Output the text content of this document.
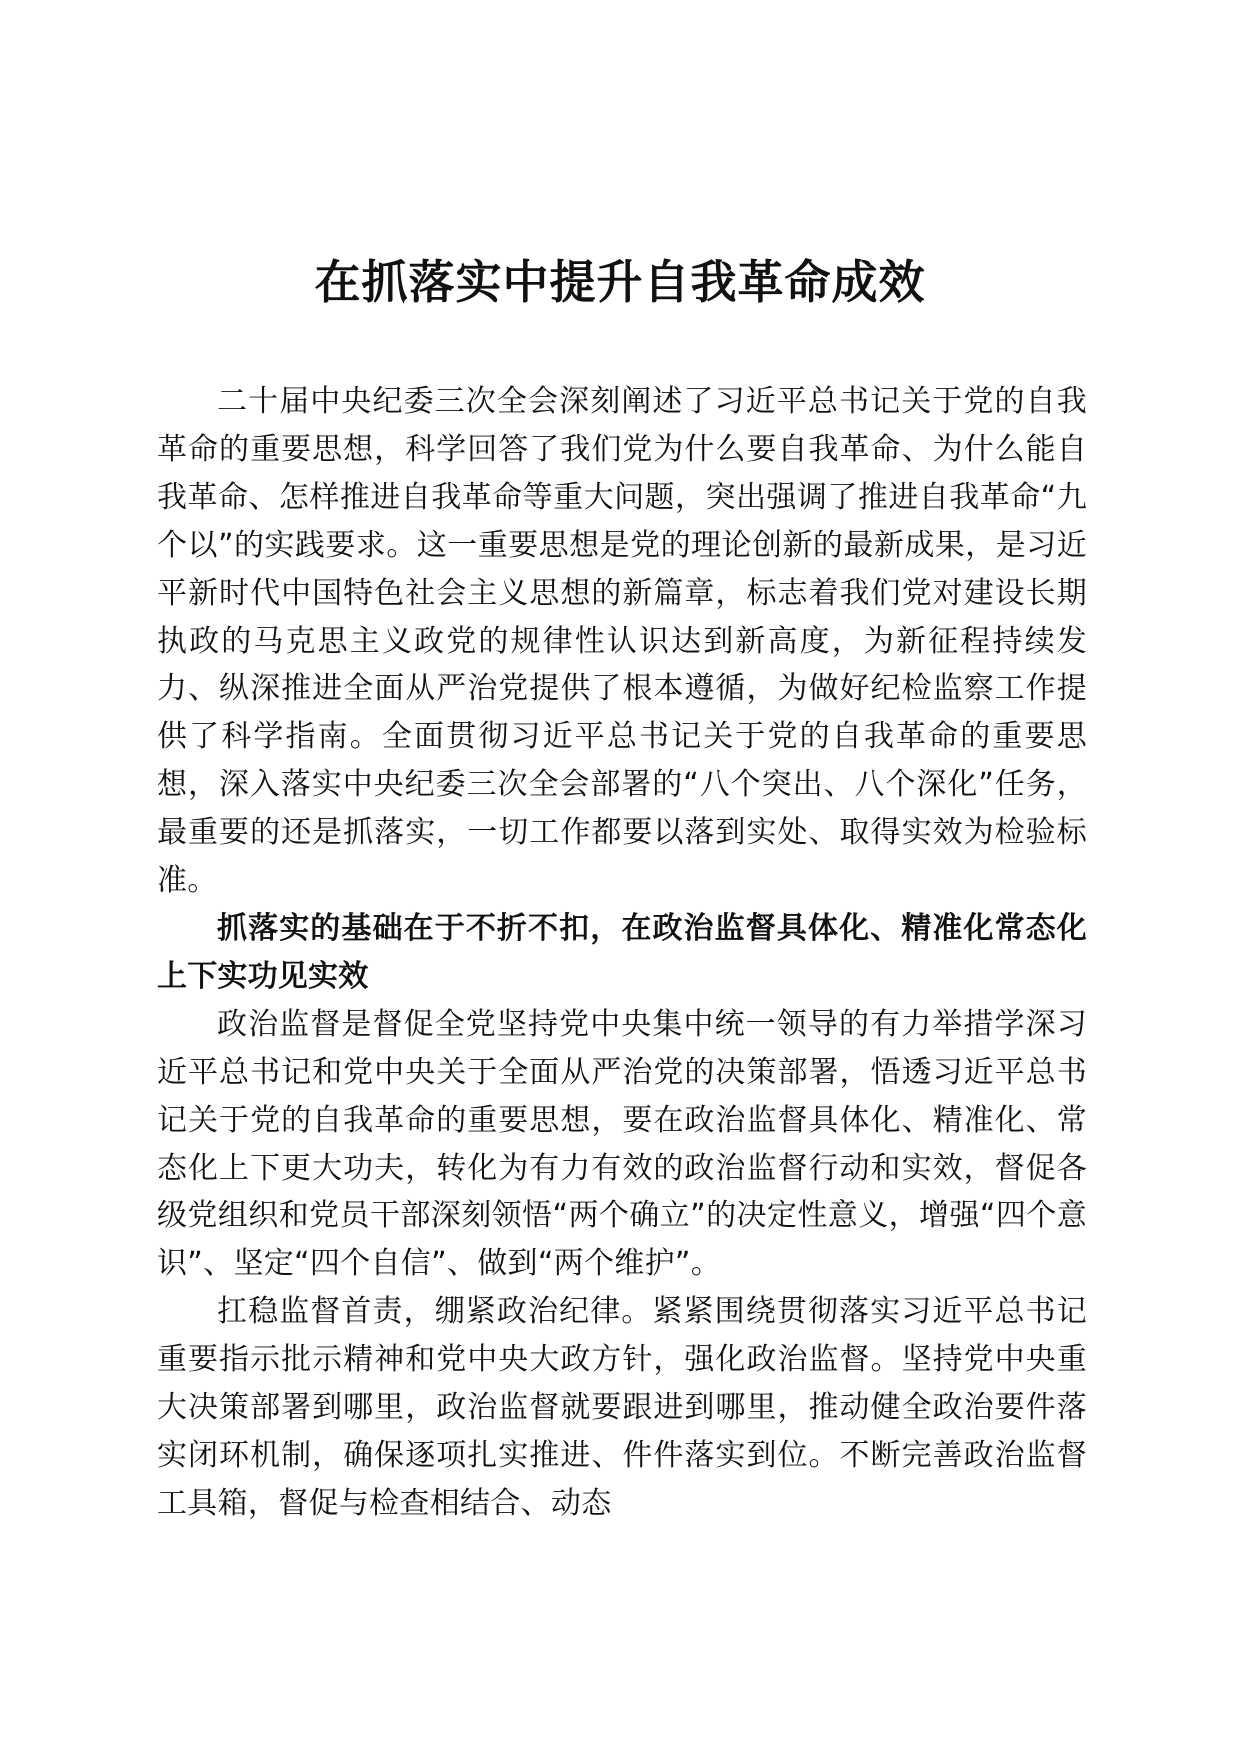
在抓落实中提升自我革命成效

二十届中央纪委三次全会深刻阐述了习近平总书记关于党的自我革命的重要思想，科学回答了我们党为什么要自我革命、为什么能自我革命、怎样推进自我革命等重大问题，突出强调了推进自我革命“九个以”的实践要求。这一重要思想是党的理论创新的最新成果，是习近平新时代中国特色社会主义思想的新篇章，标志着我们党对建设长期执政的马克思主义政党的规律性认识达到新高度，为新征程持续发力、纵深推进全面从严治党提供了根本遵循，为做好纪检监察工作提供了科学指南。全面贯彻习近平总书记关于党的自我革命的重要思想，深入落实中央纪委三次全会部署的“八个突出、八个深化”任务，最重要的还是抓落实，一切工作都要以落到实处、取得实效为检验标准。

抓落实的基础在于不折不扣，在政治监督具体化、精准化常态化上下实功见实效

政治监督是督促全党坚持党中央集中统一领导的有力举措学深习近平总书记和党中央关于全面从严治党的决策部署，悟透习近平总书记关于党的自我革命的重要思想，要在政治监督具体化、精准化、常态化上下更大功夫，转化为有力有效的政治监督行动和实效，督促各级党组织和党员干部深刻领悟“两个确立”的决定性意义，增强“四个意识”、坚定“四个自信”、做到“两个维护”。

扛稳监督首责，绷紧政治纪律。紧紧围绕贯彻落实习近平总书记重要指示批示精神和党中央大政方针，强化政治监督。坚持党中央重大决策部署到哪里，政治监督就要跟进到哪里，推动健全政治要件落实闭环机制，确保逐项扎实推进、件件落实到位。不断完善政治监督工具箱，督促与检查相结合、动态
